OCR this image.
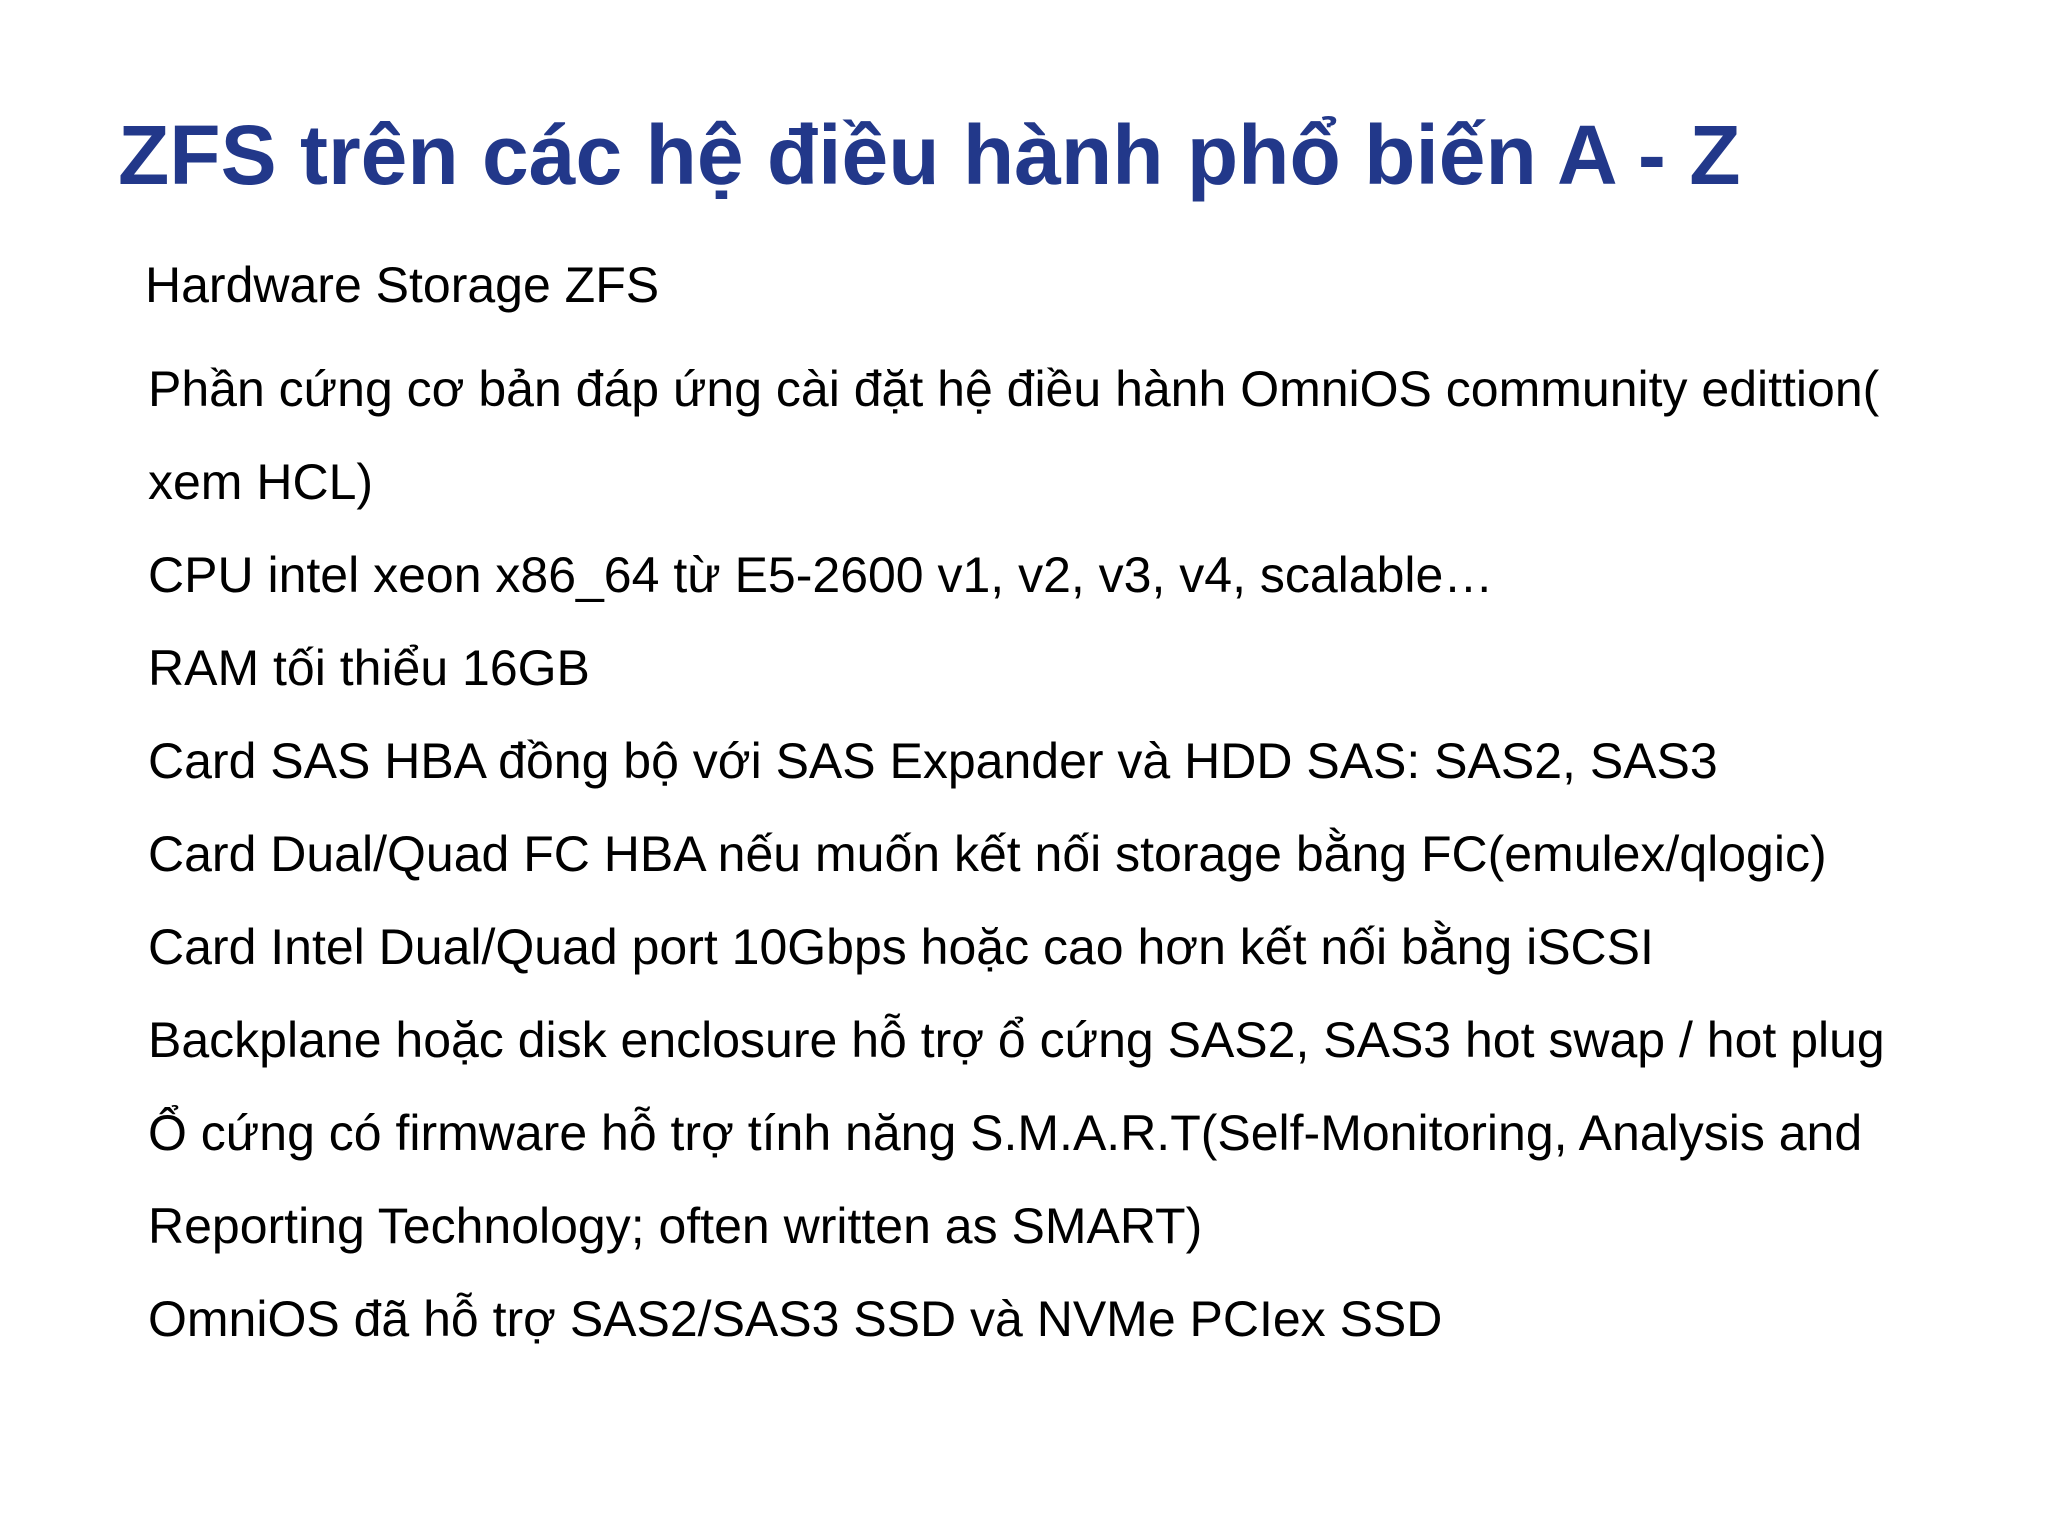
ZFS trên các hệ điều hành phổ biến A - Z

Hardware Storage ZFS

Phần cứng cơ bản đáp ứng cài đặt hệ điều hành OmniOS community edittion(
xem HCL)
CPU intel xeon x86_64 từ E5-2600 v1, v2, v3, v4, scalable…
RAM tối thiểu 16GB
Card SAS HBA đồng bộ với SAS Expander và HDD SAS: SAS2, SAS3
Card Dual/Quad FC HBA nếu muốn kết nối storage bằng FC(emulex/qlogic)
Card Intel Dual/Quad port 10Gbps hoặc cao hơn kết nối bằng iSCSI
Backplane hoặc disk enclosure hỗ trợ ổ cứng SAS2, SAS3 hot swap / hot plug
Ổ cứng có firmware hỗ trợ tính năng S.M.A.R.T(Self-Monitoring, Analysis and
Reporting Technology; often written as SMART)
OmniOS đã hỗ trợ SAS2/SAS3 SSD và NVMe PCIex SSD
